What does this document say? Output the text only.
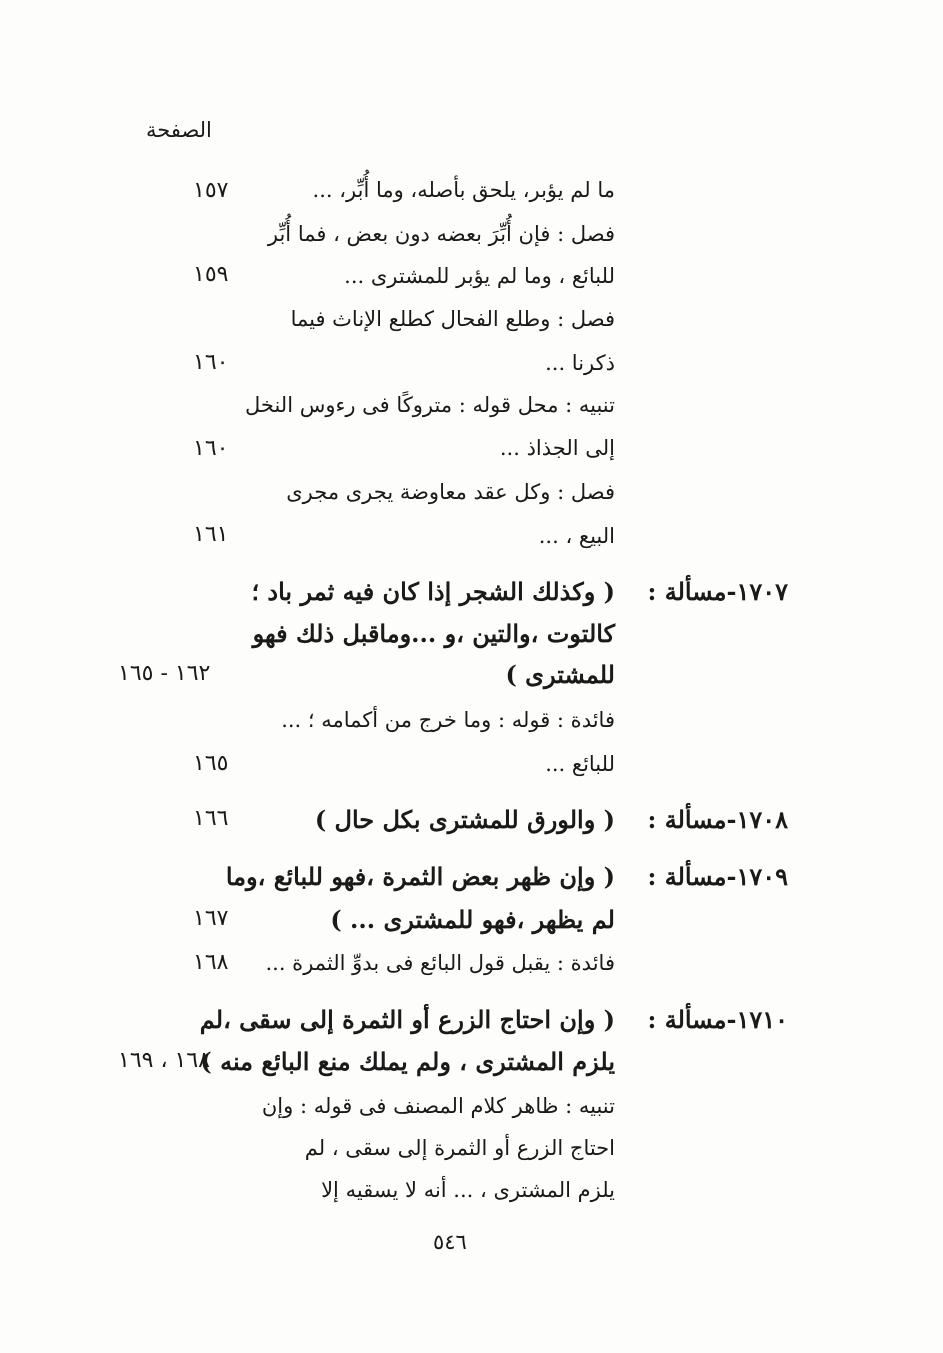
الصفحة
ما لم يؤبر، يلحق بأصله، وما أُبِّر، ...
١٥٧
فصل : فإن أُبِّرَ بعضه دون بعض ، فما أُبِّر
للبائع ، وما لم يؤبر للمشترى ...
١٥٩
فصل : وطلع الفحال كطلع الإناث فيما
ذكرنا ...
١٦٠
تنبيه : محل قوله : متروكًا فى رءوس النخل
إلى الجذاذ ...
١٦٠
فصل : وكل عقد معاوضة يجرى مجرى
البيع ، ...
١٦١
١٧٠٧-مسألة :
( وكذلك الشجر إذا كان فيه ثمر باد ؛
كالتوت ،والتين ،و ...وماقبل ذلك فهو
للمشترى )
١٦٢ - ١٦٥
فائدة : قوله : وما خرج من أكمامه ؛ ...
للبائع ...
١٦٥
١٧٠٨-مسألة :
( والورق للمشترى بكل حال )
١٦٦
١٧٠٩-مسألة :
( وإن ظهر بعض الثمرة ،فهو للبائع ،وما
لم يظهر ،فهو للمشترى ... )
١٦٧
فائدة : يقبل قول البائع فى بدوِّ الثمرة ...
١٦٨
١٧١٠-مسألة :
( وإن احتاج الزرع أو الثمرة إلى سقى ،لم
يلزم المشترى ، ولم يملك منع البائع منه )
١٦٨ ، ١٦٩
تنبيه : ظاهر كلام المصنف فى قوله : وإن
احتاج الزرع أو الثمرة إلى سقى ، لم
يلزم المشترى ، ... أنه لا يسقيه إلا
٥٤٦
